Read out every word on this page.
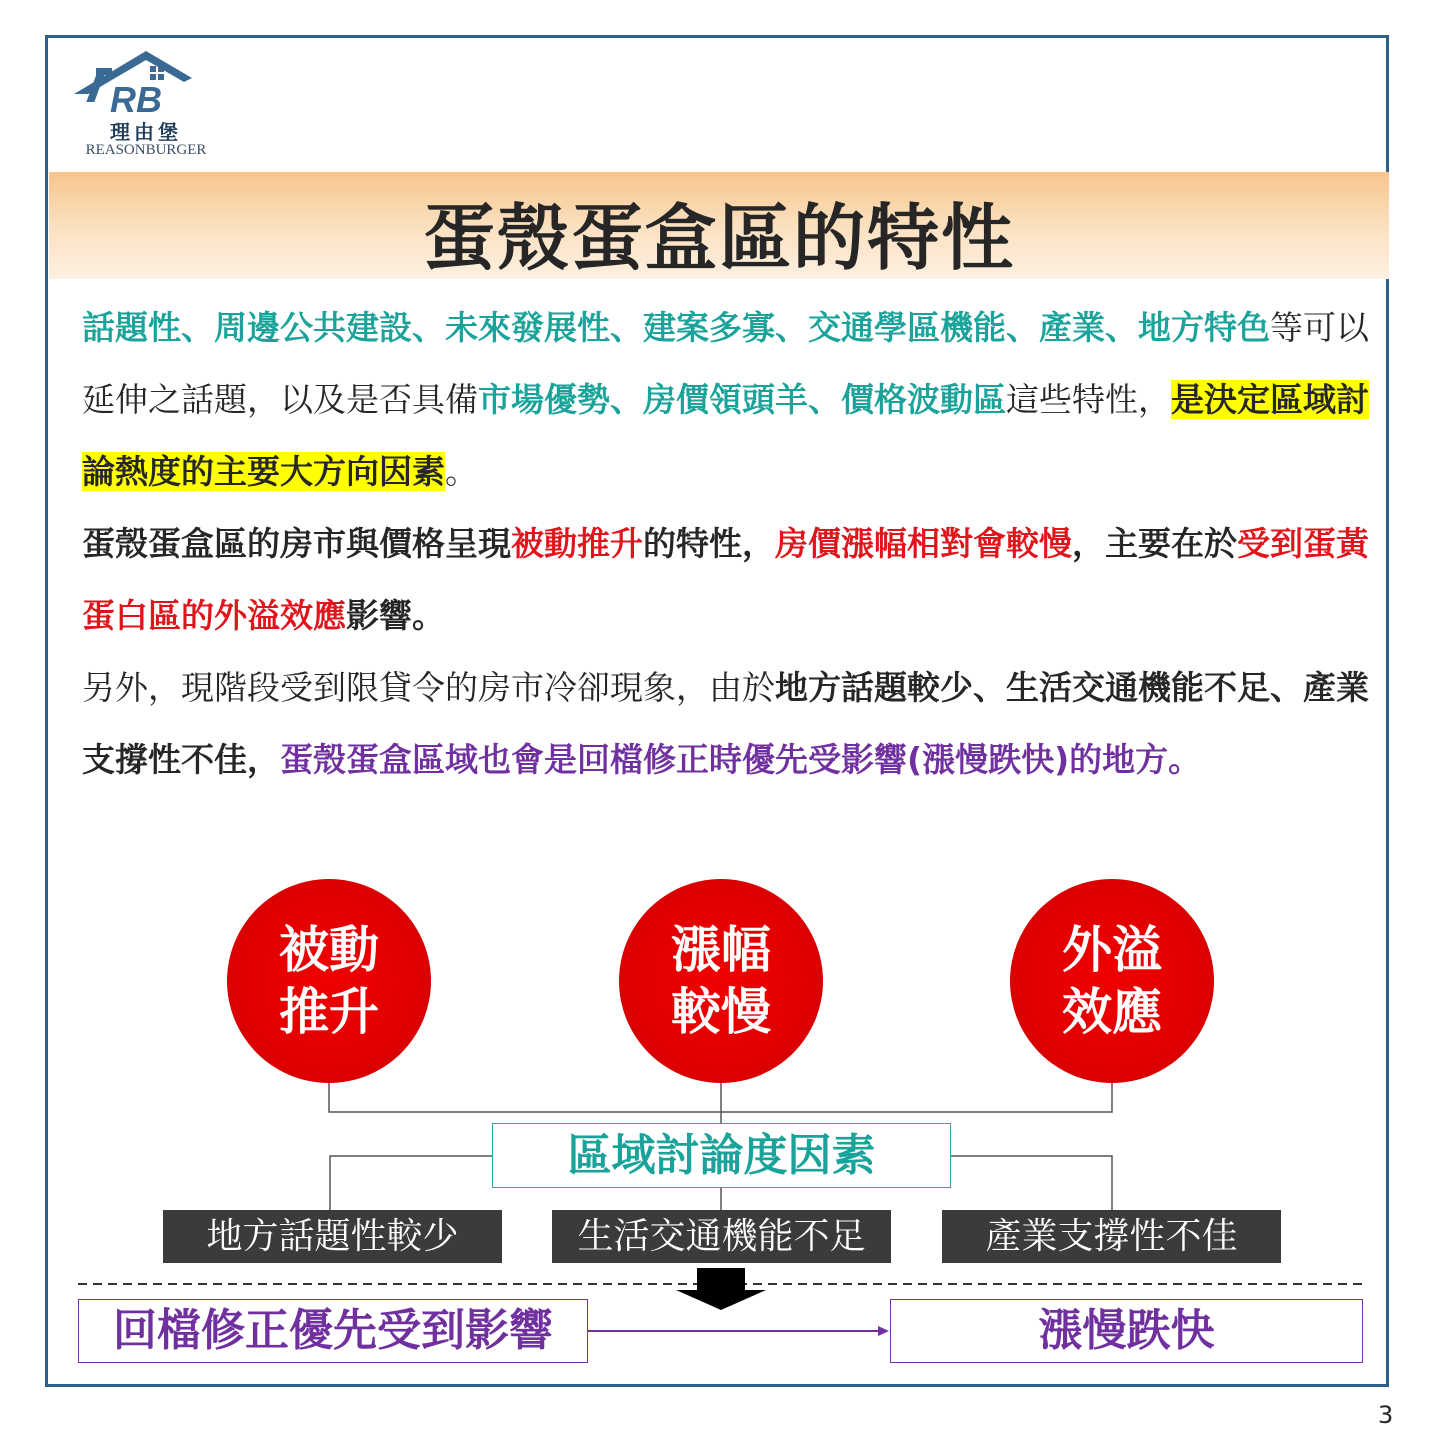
RB
理由堡
REASONBURGER
蛋殼蛋盒區的特性
話題性、周邊公共建設、未來發展性、建案多寡、交通學區機能、產業、地方特色等可以延伸之話題，以及是否具備市場優勢、房價領頭羊、價格波動區這些特性，是決定區域討論熱度的主要大方向因素。
蛋殼蛋盒區的房市與價格呈現被動推升的特性，房價漲幅相對會較慢，主要在於受到蛋黃蛋白區的外溢效應影響。
另外，現階段受到限貸令的房市冷卻現象，由於地方話題較少、生活交通機能不足、產業支撐性不佳，蛋殼蛋盒區域也會是回檔修正時優先受影響(漲慢跌快)的地方。
被動
推升
漲幅
較慢
外溢
效應
區域討論度因素
地方話題性較少	生活交通機能不足	產業支撐性不佳
回檔修正優先受到影響	漲慢跌快
3
